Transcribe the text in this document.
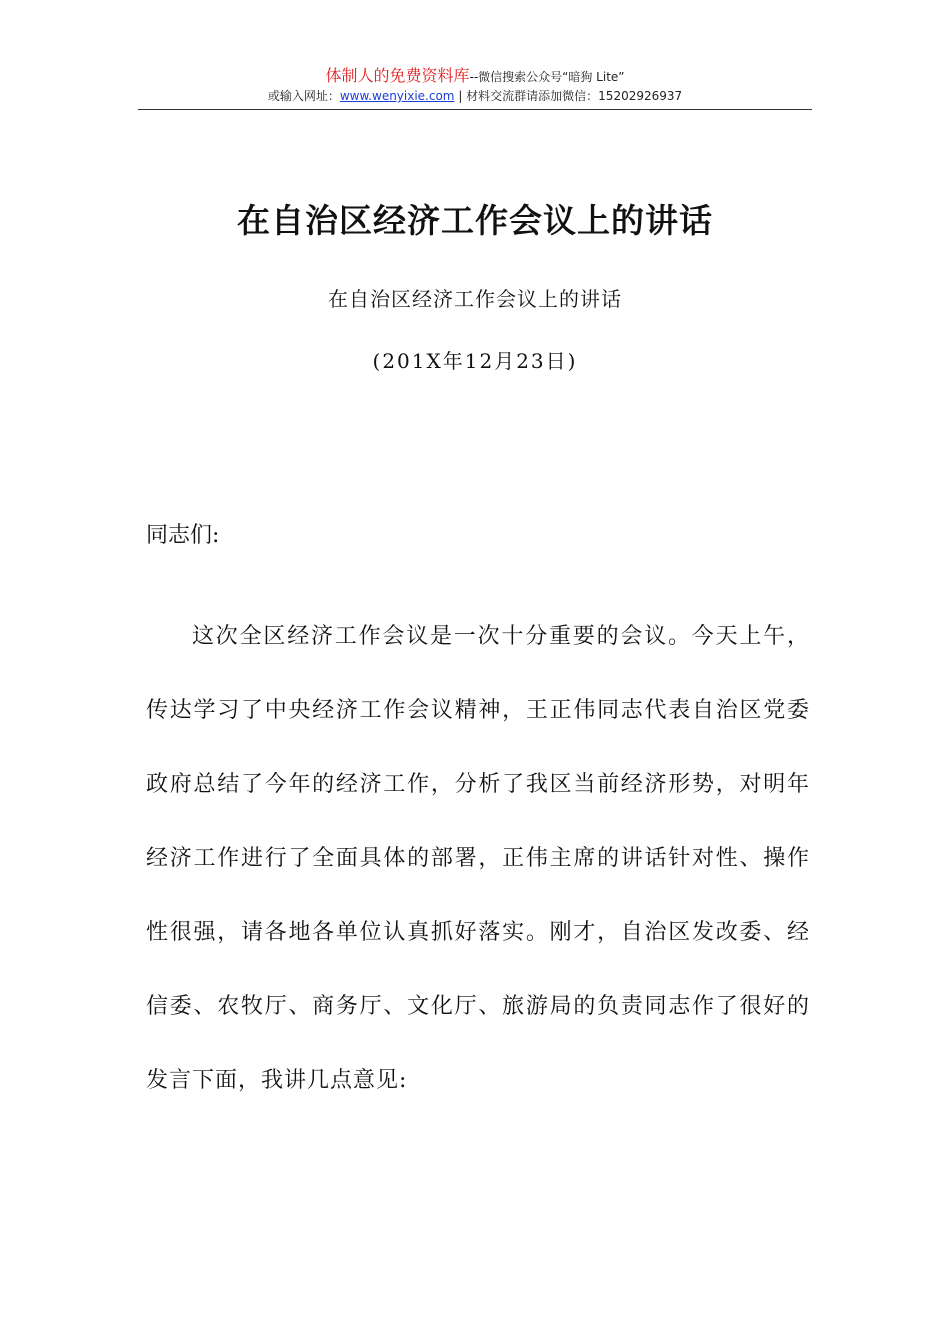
体制人的免费资料库--微信搜索公众号“暗狗 Lite”
或输入网址：www.wenyixie.com | 材料交流群请添加微信：15202926937
在自治区经济工作会议上的讲话
在自治区经济工作会议上的讲话
(201X年12月23日)
同志们:

这次全区经济工作会议是一次十分重要的会议。今天上午，传达学习了中央经济工作会议精神，王正伟同志代表自治区党委政府总结了今年的经济工作，分析了我区当前经济形势，对明年经济工作进行了全面具体的部署，正伟主席的讲话针对性、操作性很强，请各地各单位认真抓好落实。刚才，自治区发改委、经信委、农牧厅、商务厅、文化厅、旅游局的负责同志作了很好的发言下面，我讲几点意见:
